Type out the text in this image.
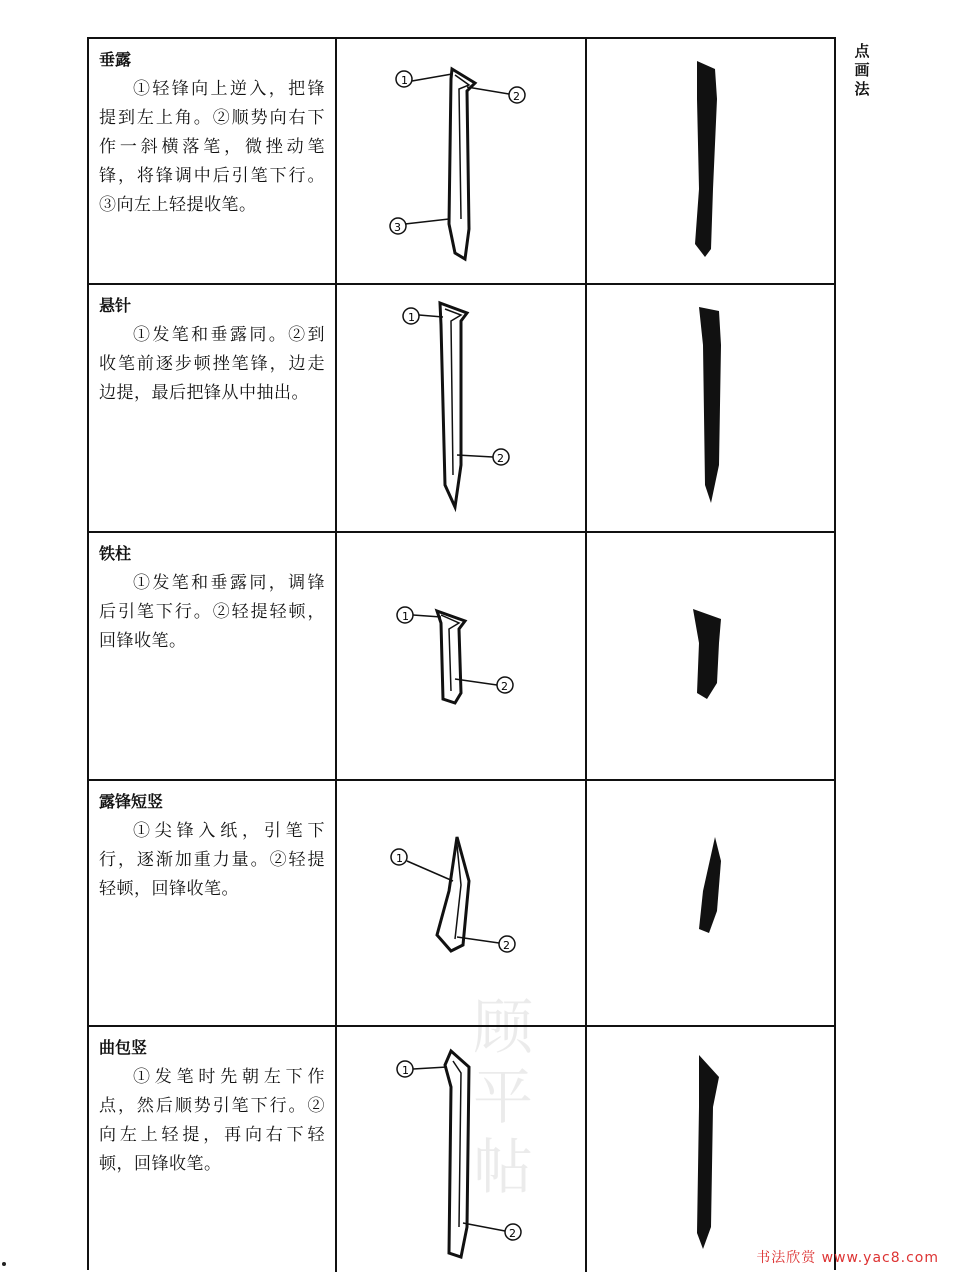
点
画
法
顾平帖
垂露
①轻锋向上逆入，把锋提到左上角。②顺势向右下作一斜横落笔，微挫动笔锋，将锋调中后引笔下行。③向左上轻提收笔。
1
2
3
悬针
①发笔和垂露同。②到收笔前逐步顿挫笔锋，边走边提，最后把锋从中抽出。
1
2
铁柱
①发笔和垂露同，调锋后引笔下行。②轻提轻顿，回锋收笔。
1
2
露锋短竖
①尖锋入纸，引笔下行，逐渐加重力量。②轻提轻顿，回锋收笔。
1
2
曲包竖
①发笔时先朝左下作点，然后顺势引笔下行。②向左上轻提，再向右下轻顿，回锋收笔。
1
2
书法欣赏 www.yac8.com
